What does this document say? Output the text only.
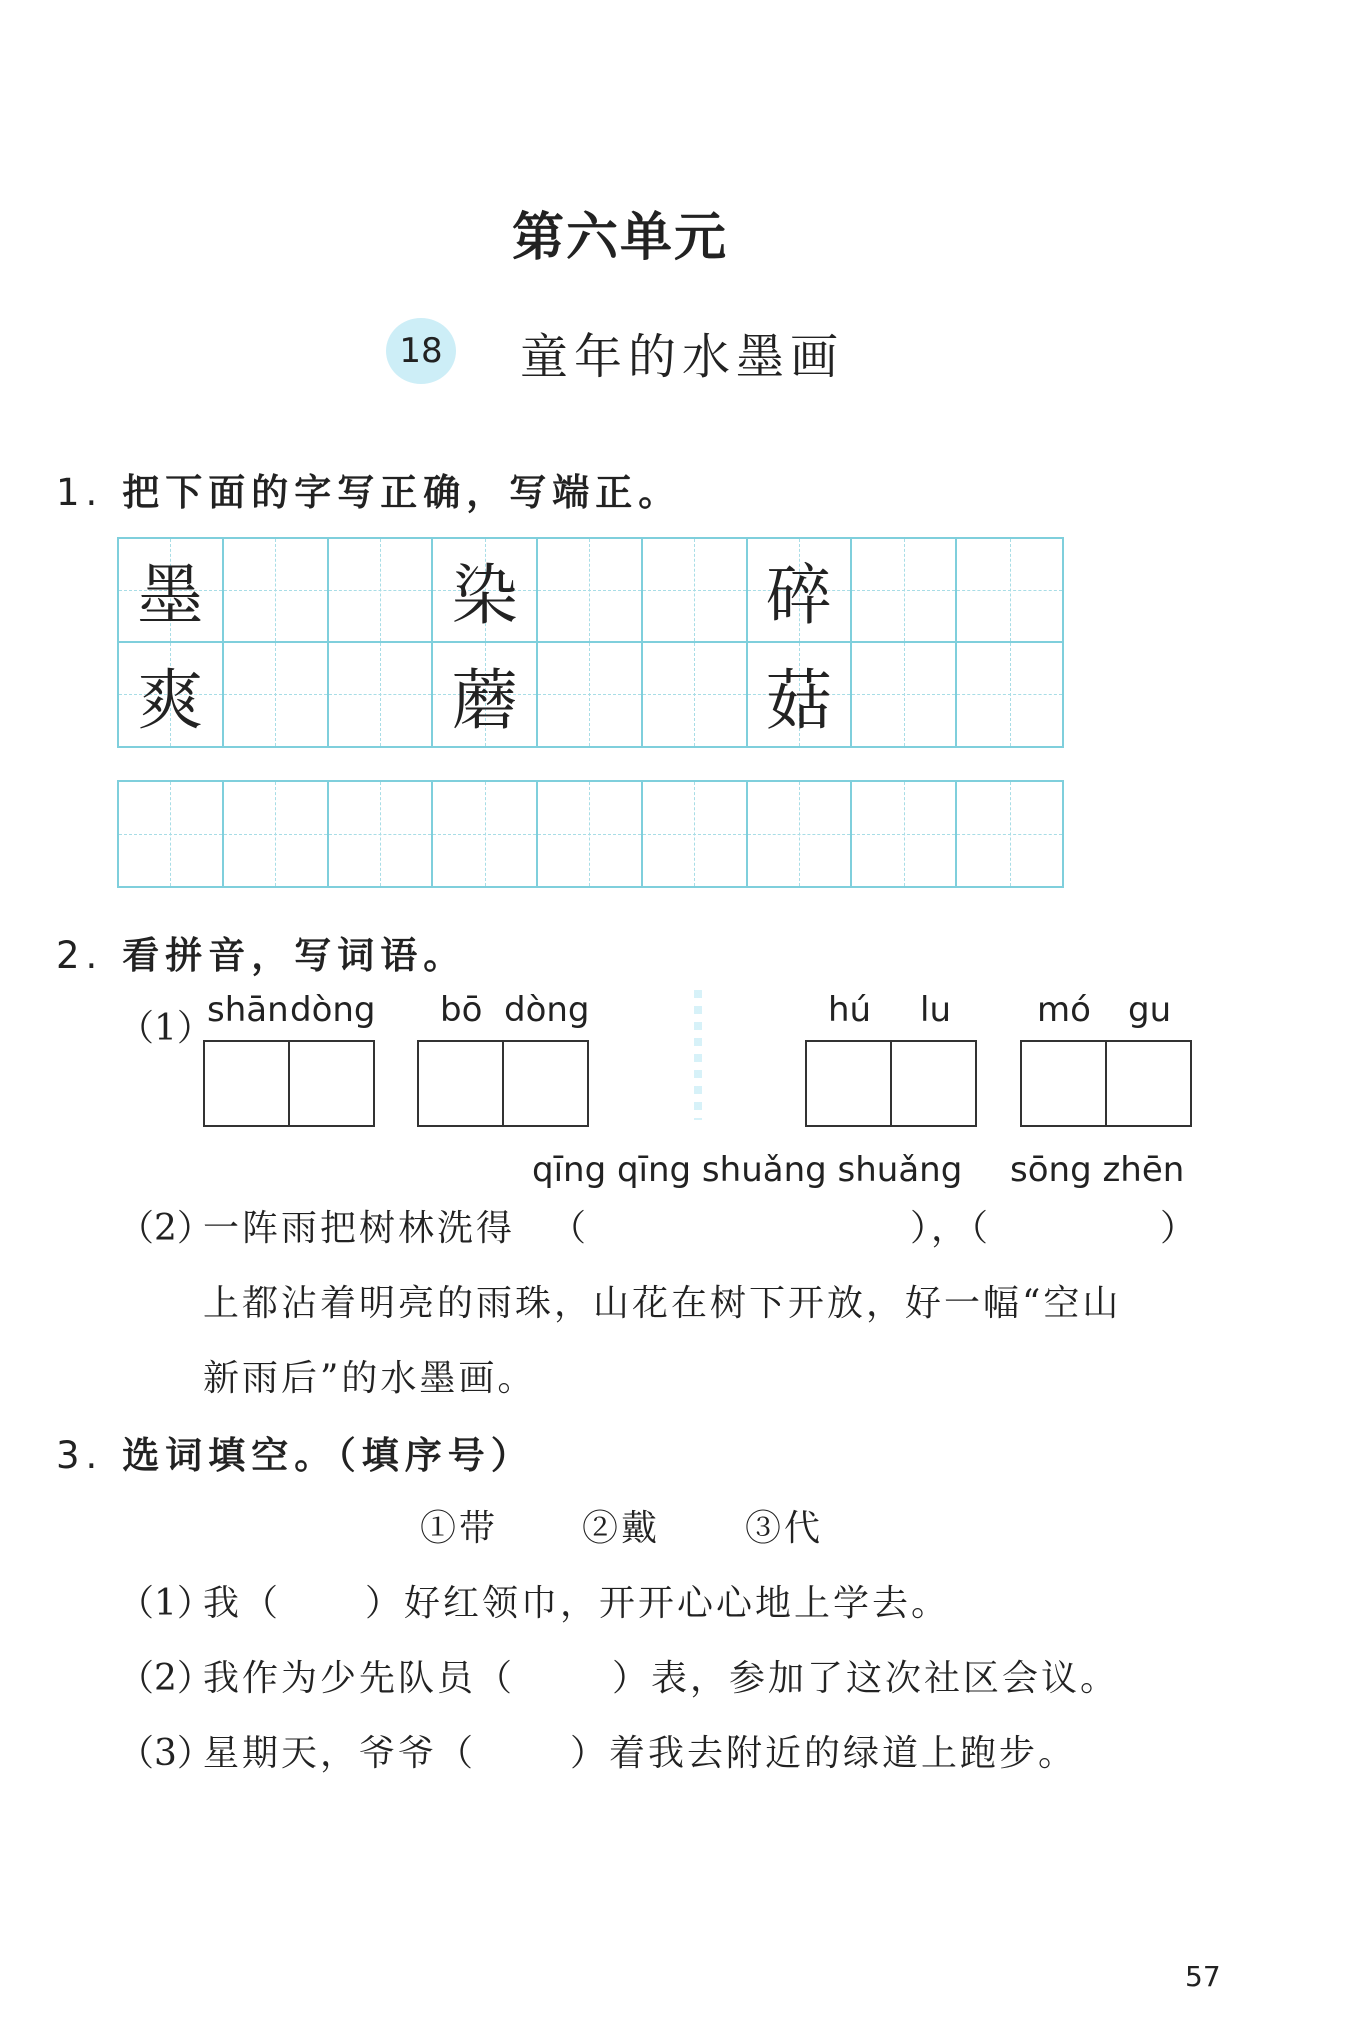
第六单元
18 童年的水墨画
1. 把下面的字写正确，写端正。
墨	染	碎
爽	蘑	菇
2. 看拼音，写词语。
（1）
shān dòng bō dòng	hú lu	mó gu
qīng qīng shuǎng shuǎng sōng zhēn
（2）
一阵雨把树林洗得 （	），（	）
上都沾着明亮的雨珠，山花在树下开放，好一幅“空山
新雨后”的水墨画。
3. 选词填空。（填序号）
①带 ②戴 ③代
（1）
我（ ）好红领巾，开开心心地上学去。
（2）
我作为少先队员（	）表，参加了这次社区会议。
（3）
星期天，爷爷（	）着我去附近的绿道上跑步。
57
